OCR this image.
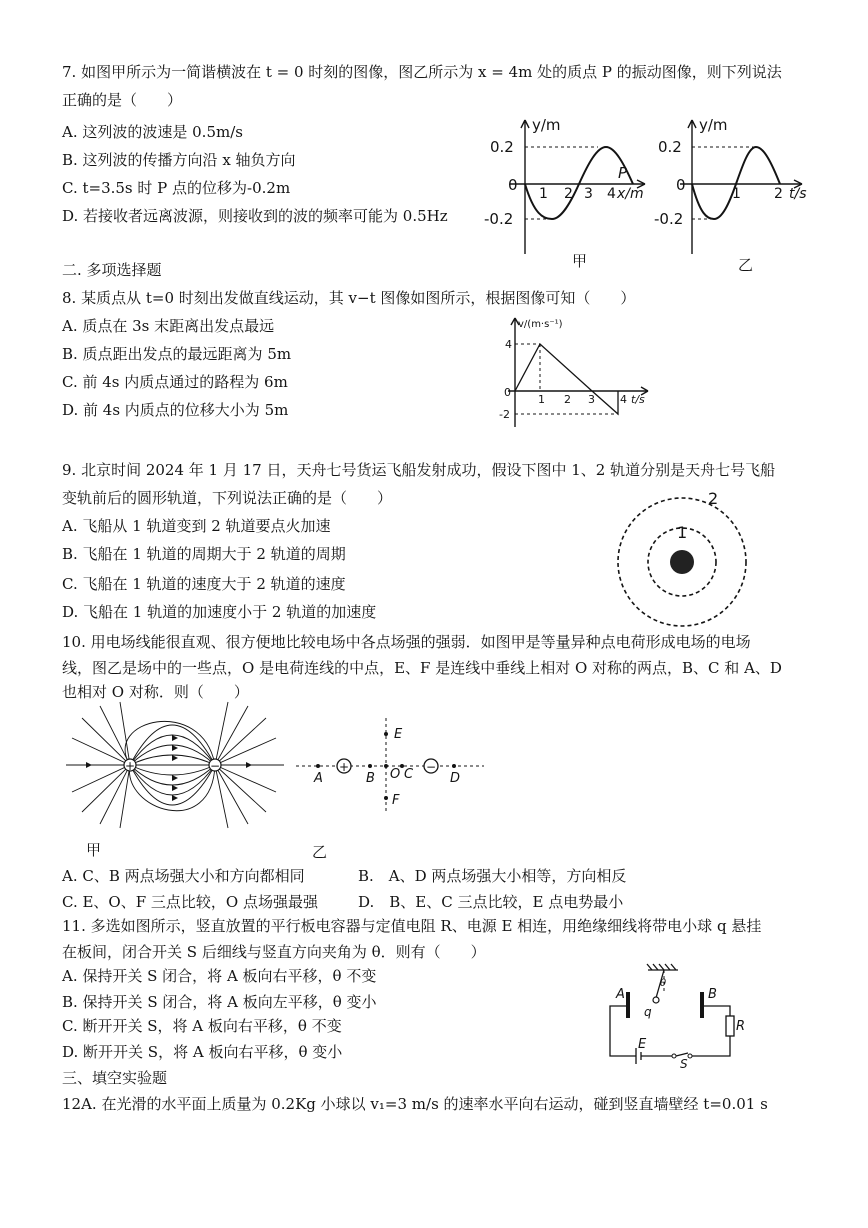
7. 如图甲所示为一简谐横波在 t = 0 时刻的图像，图乙所示为 x = 4m 处的质点 P 的振动图像，则下列说法
正确的是（　　）
A. 这列波的波速是 0.5m/s
B. 这列波的传播方向沿 x 轴负方向
C. t=3.5s 时 P 点的位移为-0.2m
D. 若接收者远离波源，则接收到的波的频率可能为 0.5Hz
y/m
0.2
0
-0.2
1 2 3 4 x/m
P
甲
y/m
0.2
0
-0.2
1 2 t/s
乙
二. 多项选择题
8. 某质点从 t=0 时刻出发做直线运动，其 v−t 图像如图所示，根据图像可知（　　）
A. 质点在 3s 末距离出发点最远
B. 质点距出发点的最远距离为 5m
C. 前 4s 内质点通过的路程为 6m
D. 前 4s 内质点的位移大小为 5m
v/(m·s⁻¹)
4
0
-2
1 2 3 4 t/s
9. 北京时间 2024 年 1 月 17 日，天舟七号货运飞船发射成功，假设下图中 1、2 轨道分别是天舟七号飞船
变轨前后的圆形轨道，下列说法正确的是（　　）
A. 飞船从 1 轨道变到 2 轨道要点火加速
B. 飞船在 1 轨道的周期大于 2 轨道的周期
C. 飞船在 1 轨道的速度大于 2 轨道的速度
D. 飞船在 1 轨道的加速度小于 2 轨道的加速度
1
2
10. 用电场线能很直观、很方便地比较电场中各点场强的强弱．如图甲是等量异种点电荷形成电场的电场
线，图乙是场中的一些点，O 是电荷连线的中点，E、F 是连线中垂线上相对 O 对称的两点，B、C 和 A、D
也相对 O 对称．则（　　）
+	−
甲
+	−
A	B O C	D
E
F
乙
A. C、B 两点场强大小和方向都相同	B.　A、D 两点场强大小相等，方向相反
C. E、O、F 三点比较，O 点场强最强	D.　B、E、C 三点比较，E 点电势最小
11. 多选如图所示，竖直放置的平行板电容器与定值电阻 R、电源 E 相连，用绝缘细线将带电小球 q 悬挂
在板间，闭合开关 S 后细线与竖直方向夹角为 θ．则有（　　）
A. 保持开关 S 闭合，将 A 板向右平移，θ 不变
B. 保持开关 S 闭合，将 A 板向左平移，θ 变小
C. 断开开关 S，将 A 板向右平移，θ 不变
D. 断开开关 S，将 A 板向右平移，θ 变小
A	B
R
E
S
q
θ
三、填空实验题
12A. 在光滑的水平面上质量为 0.2Kg 小球以 v₁=3 m/s 的速率水平向右运动，碰到竖直墙壁经 t=0.01 s
